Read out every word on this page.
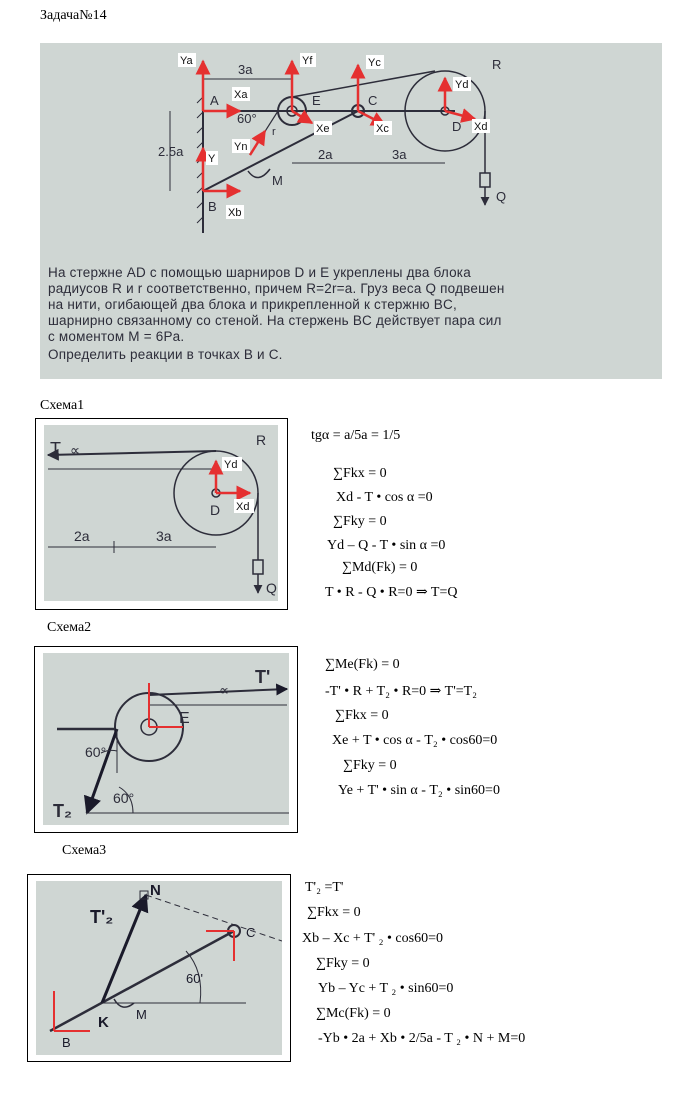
Задача№14
Ya	Yf	Yc
Xa
Yd
Xd
Xe	Xc
Y
Xb
Yn
A	E	C
D
R
B
M
Q
60°
r
3a
2.5a	2a	3a
На стержне AD с помощью шарниров D и E укреплены два блока
радиусов R и r соответственно, причем R=2r=a. Груз веса Q подвешен
на нити, огибающей два блока и прикрепленной к стержню BC,
шарнирно связанному со стеной. На стержень BC действует пара сил
с моментом M = 6Pa.
Определить реакции в точках B и C.
Схема1
Yd
Xd
T ∝
R
D
2a	3a
Q
tgα = a/5a = 1/5
∑Fkx = 0
Xd - T • cos α =0
∑Fky = 0
Yd – Q - T • sin α =0
∑Md(Fk) = 0
T • R - Q • R=0 ⇒ T=Q
Схема2
T'
∝
E
60°
60°
T₂
∑Me(Fk) = 0
-T' • R + T₂ • R=0 ⇒ T'=T₂
∑Fkx = 0
Xe + T • cos α - T₂ • cos60=0
∑Fky = 0
Ye + T' • sin α - T₂ • sin60=0
Схема3
N
T'₂
C
60'
K M
B
T'₂ =T'
∑Fkx = 0
Xb – Xc + T' ₂ • cos60=0
∑Fky = 0
Yb – Yc + T ₂ • sin60=0
∑Mc(Fk) = 0
-Yb • 2a + Xb • 2/5a - T ₂ • N + M=0
